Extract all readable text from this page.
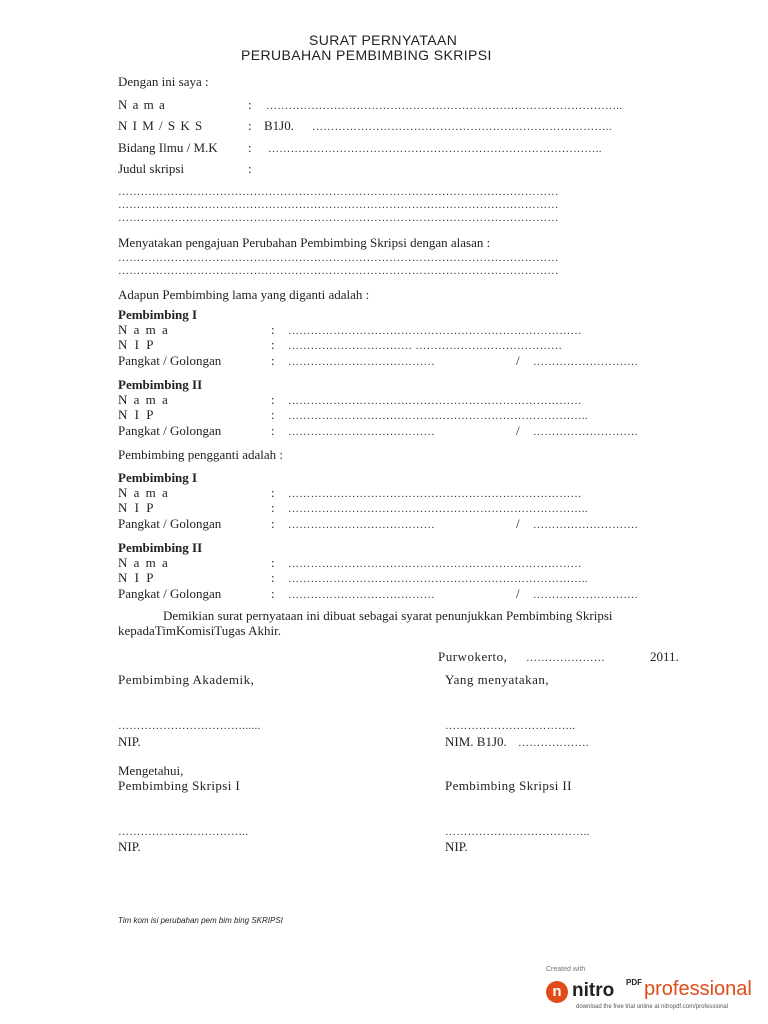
SURAT PERNYATAAN
PERUBAHAN PEMBIMBING SKRIPSI
Dengan ini saya :
N a m a	: …………………………………………………………………………………..
N I M / S K S	: B1J0. ……………………………………………………………………..
Bidang Ilmu / M.K : ……………………………………………………………………………..
Judul skripsi	:
………………………………………………………………………………………………………
………………………………………………………………………………………………………
………………………………………………………………………………………………………
Menyatakan pengajuan Perubahan Pembimbing Skripsi dengan alasan :
………………………………………………………………………………………………………
………………………………………………………………………………………………………
Adapun Pembimbing lama yang diganti adalah :
Pembimbing I
N a m a	: ……………………………………………………………………
N I P	: …………………………… …………………………………
Pangkat / Golongan	: …………………………………	/ ……………………….
Pembimbing II
N a m a	: ……………………………………………………………………
N I P	: ……………………………………………………………………..
Pangkat / Golongan	: …………………………………	/ ……………………….
Pembimbing pengganti adalah :
Pembimbing I
N a m a	: ……………………………………………………………………
N I P	: ……………………………………………………………………..
Pangkat / Golongan	: …………………………………	/ ……………………….
Pembimbing II
N a m a	: ……………………………………………………………………
N I P	: ……………………………………………………………………..
Pangkat / Golongan	: …………………………………	/ ……………………….
Demikian surat pernyataan ini dibuat sebagai syarat penunjukkan Pembimbing Skripsi
kepadaTimKomisiTugas Akhir.
Purwokerto, …………………	2011.
Pembimbing Akademik,	Yang menyatakan,
……………………………......	……………………………..
NIP.	NIM. B1J0. ……………….
Mengetahui,
Pembimbing Skripsi I	Pembimbing Skripsi II
……………………………..	……………….………………..
NIP.	NIP.
Tim kom isi perubahan pem bim bing SKRIPSI
Created with
n nitro PDF professional
download the free trial online at nitropdf.com/professional
